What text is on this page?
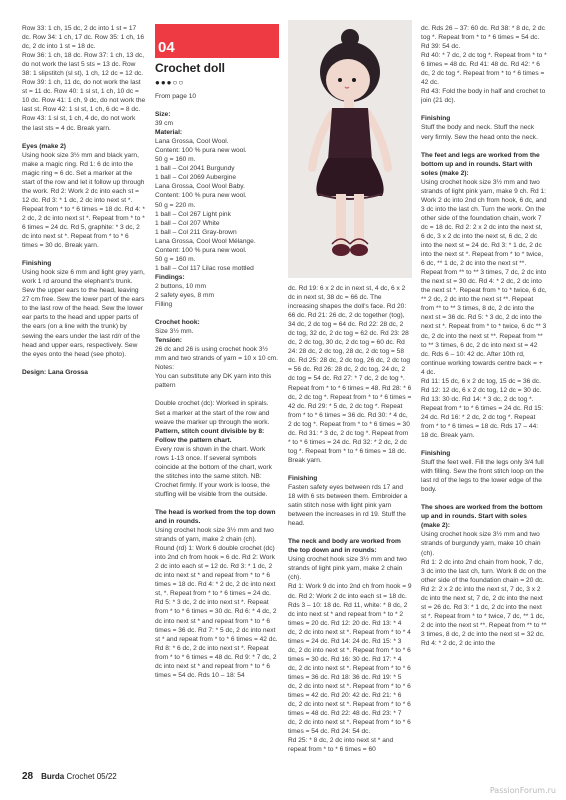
Row 33: 1 ch, 15 dc, 2 dc into 1 st = 17 dc. Row 34: 1 ch, 17 dc. Row 35: 1 ch, 16 dc, 2 dc into 1 st = 18 dc.

Row 36: 1 ch, 18 dc. Row 37: 1 ch, 13 dc, do not work the last 5 sts = 13 dc. Row 38: 1 slipstitch (sl st), 1 ch, 12 dc = 12 dc. Row 39: 1 ch, 11 dc, do not work the last st = 11 dc. Row 40: 1 sl st, 1 ch, 10 dc = 10 dc. Row 41: 1 ch, 9 dc, do not work the last st. Row 42: 1 sl st, 1 ch, 6 dc = 8 dc. Row 43: 1 sl st, 1 ch, 4 dc, do not work the last sts = 4 dc. Break yarn.

Eyes (make 2)

Using hook size 3½ mm and black yarn, make a magic ring. Rd 1: 6 dc into the magic ring = 6 dc. Set a marker at the start of the row and let it follow up through the work. Rd 2: Work 2 dc into each st = 12 dc. Rd 3: * 1 dc, 2 dc into next st *. Repeat from * to * 6 times = 18 dc. Rd 4: * 2 dc, 2 dc into next st *. Repeat from * to * 6 times = 24 dc. Rd 5, graphite: * 3 dc, 2 dc into next st *. Repeat from * to * 6 times = 30 dc. Break yarn.

Finishing

Using hook size 6 mm and light grey yarn, work 1 rd around the elephant's trunk. Sew the upper ears to the head, leaving 27 cm free. Sew the lower part of the ears to the last row of the head. Sew the lower ear parts to the head and upper parts of the ears (on a line with the trunk) by sewing the ears under the last rd/r of the head and upper ears, respectively. Sew the eyes onto the head (see photo).

Design: Lana Grossa

04
Crochet doll
●●●○○

From page 10

Size:

39 cm

Material:

Lana Grossa, Cool Wool.

Content: 100 % pura new wool.

50 g = 160 m.

1 ball – Col 2041 Burgundy

1 ball – Col 2069 Aubergine

Lana Grossa, Cool Wool Baby.

Content: 100 % pura new wool.

50 g = 220 m.

1 ball – Col 267 Light pink

1 ball – Col 207 White

1 ball – Col 211 Gray-brown

Lana Grossa, Cool Wool Mélange.

Content: 100 % pura new wool.

50 g = 160 m.

1 ball – Col 117 Lilac rose mottled

Findings:

2 buttons, 10 mm

2 safety eyes, 8 mm

Filling

Crochet hook:

Size 3½ mm.

Tension:

26 dc and 26 is using crochet hook 3½ mm and two strands of yarn = 10 x 10 cm.

Notes:

You can substitute any DK yarn into this pattern

Double crochet (dc): Worked in spirals. Set a marker at the start of the row and weave the marker up through the work.

Pattern, stitch count divisible by 8: Follow the pattern chart.

Every row is shown in the chart. Work rows 1-13 once. If several symbols coincide at the bottom of the chart, work the stitches into the same stitch. NB: Crochet firmly. If your work is loose, the stuffing will be visible from the outside.

The head is worked from the top down and in rounds.

Using crochet hook size 3½ mm and two strands of yarn, make 2 chain (ch).

Round (rd) 1: Work 6 double crochet (dc) into 2nd ch from hook = 6 dc. Rd 2: Work 2 dc into each st = 12 dc. Rd 3: * 1 dc, 2 dc into next st * and repeat from * to * 6 times = 18 dc. Rd 4: * 2 dc, 2 dc into next st, *. Repeat from * to * 6 times = 24 dc. Rd 5: * 3 dc, 2 dc into next st *. Repeat from * to * 6 times = 30 dc. Rd 6: * 4 dc, 2 dc into next st * and repeat from * to * 6 times = 36 dc. Rd 7: * 5 dc, 2 dc into next st * and repeat from * to * 6 times = 42 dc. Rd 8: * 6 dc, 2 dc into next st *. Repeat from * to * 6 times = 48 dc. Rd 9: * 7 dc, 2 dc into next st * and repeat from * to * 6 times = 54 dc. Rds 10 – 18: 54

dc. Rd 19: 6 x 2 dc in next st, 4 dc, 6 x 2 dc in next st, 38 dc = 66 dc. The increasing shapes the doll's face. Rd 20: 66 dc. Rd 21: 26 dc, 2 dc together (tog), 34 dc, 2 dc tog = 64 dc. Rd 22: 28 dc, 2 dc tog, 32 dc, 2 dc tog = 62 dc. Rd 23: 28 dc, 2 dc tog, 30 dc, 2 dc tog = 60 dc. Rd 24: 28 dc, 2 dc tog, 28 dc, 2 dc tog = 58 dc. Rd 25: 28 dc, 2 dc tog, 26 dc, 2 dc tog = 56 dc. Rd 26: 28 dc, 2 dc tog, 24 dc, 2 dc tog = 54 dc. Rd 27: * 7 dc, 2 dc tog *. Repeat from * to * 6 times = 48. Rd 28: * 6 dc, 2 dc tog *. Repeat from * to * 6 times = 42 dc. Rd 29: * 5 dc, 2 dc tog *. Repeat from * to * 6 times = 36 dc. Rd 30: * 4 dc, 2 dc tog *. Repeat from * to * 6 times = 30 dc. Rd 31: * 3 dc, 2 dc tog *. Repeat from * to * 6 times = 24 dc. Rd 32: * 2 dc, 2 dc tog *. Repeat from * to * 6 times = 18 dc. Break yarn.

Finishing

Fasten safety eyes between rds 17 and 18 with 6 sts between them. Embroider a satin stitch nose with light pink yarn between the increases in rd 19. Stuff the head.

The neck and body are worked from the top down and in rounds:

Using crochet hook size 3½ mm and two strands of light pink yarn, make 2 chain (ch).

Rd 1: Work 9 dc into 2nd ch from hook = 9 dc. Rd 2: Work 2 dc into each st = 18 dc. Rds 3 – 10: 18 dc. Rd 11, white: * 8 dc, 2 dc into next st * and repeat from * to * 2 times = 20 dc. Rd 12: 20 dc. Rd 13: * 4 dc, 2 dc into next st *. Repeat from * to * 4 times = 24 dc. Rd 14: 24 dc. Rd 15: * 3 dc, 2 dc into next st *. Repeat from * to * 6 times = 30 dc. Rd 16: 30 dc. Rd 17: * 4 dc, 2 dc into next st *. Repeat from * to * 6 times = 36 dc. Rd 18: 36 dc. Rd 19: * 5 dc, 2 dc into next st *. Repeat from * to * 6 times = 42 dc. Rd 20: 42 dc. Rd 21: * 6 dc, 2 dc into next st *. Repeat from * to * 6 times = 48 dc. Rd 22: 48 dc. Rd 23: * 7 dc, 2 dc into next st *. Repeat from * to * 6 times = 54 dc. Rd 24: 54 dc.

Rd 25: * 8 dc, 2 dc into next st * and repeat from * to * 6 times = 60

dc. Rds 26 – 37: 60 dc. Rd 38: * 8 dc, 2 dc tog *. Repeat from * to * 6 times = 54 dc. Rd 39: 54 dc.

Rd 40: * 7 dc, 2 dc tog *. Repeat from * to * 6 times = 48 dc. Rd 41: 48 dc. Rd 42: * 6 dc, 2 dc tog *. Repeat from * to * 6 times = 42 dc.

Rd 43: Fold the body in half and crochet to join (21 dc).

Finishing

Stuff the body and neck. Stuff the neck very firmly. Sew the head onto the neck.

The feet and legs are worked from the bottom up and in rounds. Start with soles (make 2):

Using crochet hook size 3½ mm and two strands of light pink yarn, make 9 ch. Rd 1: Work 2 dc into 2nd ch from hook, 6 dc, and 3 dc into the last ch. Turn the work. On the other side of the foundation chain, work 7 dc = 18 dc. Rd 2: 2 x 2 dc into the next st, 6 dc, 3 x 2 dc into the next st, 6 dc, 2 dc into the next st = 24 dc. Rd 3: * 1 dc, 2 dc into the next st *. Repeat from * to * twice, 6 dc, ** 1 dc, 2 dc into the next st **. Repeat from ** to ** 3 times, 7 dc, 2 dc into the next st = 30 dc. Rd 4: * 2 dc, 2 dc into the next st *. Repeat from * to * twice, 6 dc, ** 2 dc, 2 dc into the next st **. Repeat from ** to ** 3 times, 8 dc, 2 dc into the next st = 36 dc. Rd 5: * 3 dc, 2 dc into the next st *. Repeat from * to * twice, 6 dc ** 3 dc, 2 dc into the next st **. Repeat from ** to ** 3 times, 6 dc, 2 dc into next st = 42 dc. Rds 6 – 10: 42 dc. After 10th rd, continue working towards centre back = + 4 dc.

Rd 11: 15 dc, 6 x 2 dc tog, 15 dc = 36 dc. Rd 12: 12 dc, 6 x 2 dc tog, 12 dc = 30 dc. Rd 13: 30 dc. Rd 14: * 3 dc, 2 dc tog *. Repeat from * to * 6 times = 24 dc. Rd 15: 24 dc. Rd 16: * 2 dc, 2 dc tog *. Repeat from * to * 6 times = 18 dc. Rds 17 – 44: 18 dc. Break yarn.

Finishing

Stuff the feet well. Fill the legs only 3/4 full with filling. Sew the front stitch loop on the last rd of the legs to the lower edge of the body.

The shoes are worked from the bottom up and in rounds. Start with soles (make 2):

Using crochet hook size 3½ mm and two strands of burgundy yarn, make 10 chain (ch).

Rd 1: 2 dc into 2nd chain from hook, 7 dc, 3 dc into the last ch, turn. Work 8 dc on the other side of the foundation chain = 20 dc.

Rd 2: 2 x 2 dc into the next st, 7 dc, 3 x 2 dc into the next st, 7 dc, 2 dc into the next st = 26 dc. Rd 3: * 1 dc, 2 dc into the next st *. Repeat from * to * twice, 7 dc, ** 1 dc, 2 dc into the next st **. Repeat from ** to ** 3 times, 8 dc, 2 dc into the next st = 32 dc. Rd 4: * 2 dc, 2 dc into the

28 Burda Crochet 05/22
PassionForum.ru
